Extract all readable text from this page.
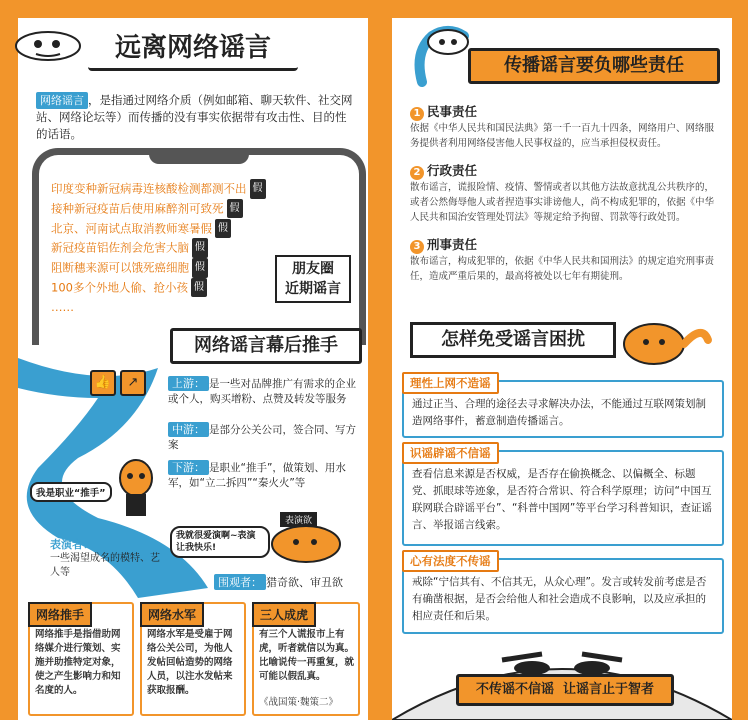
远离网络谣言
网络谣言 ，是指通过网络介质（例如邮箱、聊天软件、社交网站、网络论坛等）而传播的没有事实依据带有攻击性、目的性的话语。
印度变种新冠病毒连核酸检测都测不出 假
接种新冠疫苗后使用麻醉剂可致死 假
北京、河南试点取消教师寒暑假 假
新冠疫苗铝佐剂会危害大脑 假
阻断穗来源可以饿死癌细胞 假
100多个外地人偷、抢小孩 假
……
朋友圈
近期谣言
网络谣言幕后推手
👍	↗	上游： 是一些对品牌推广有需求的企业或个人，购买增粉、点赞及转发等服务
中游： 是部分公关公司，签合同、写方案
下游： 是职业“推手”，做策划、用水军，如“立二拆四”“秦火火”等
我是职业“推手”
表演者：
一些渴望成名的模特、艺人等
我就很爱演啊~表演让我快乐!
表演欲
围观者： 猎奇欲、审丑欲
网络推手
网络推手是指借助网络媒介进行策划、实施并助推特定对象，使之产生影响力和知名度的人。
网络水军
网络水军是受雇于网络公关公司，为他人发帖回帖造势的网络人员，以注水发帖来获取报酬。
三人成虎
有三个人谎报市上有虎，听者就信以为真。比喻说传一再重复，就可能以假乱真。
《战国策·魏策二》
传播谣言要负哪些责任
1 民事责任
依据《中华人民共和国民法典》第一千一百九十四条，网络用户、网络服务提供者利用网络侵害他人民事权益的，应当承担侵权责任。
2 行政责任
散布谣言，谎报险情、疫情、警情或者以其他方法故意扰乱公共秩序的，或者公然侮辱他人或者捏造事实诽谤他人，尚不构成犯罪的，依据《中华人民共和国治安管理处罚法》等规定给予拘留、罚款等行政处罚。
3 刑事责任
散布谣言，构成犯罪的，依据《中华人民共和国刑法》的规定追究刑事责任，造成严重后果的，最高将被处以七年有期徒刑。
怎样免受谣言困扰
理性上网不造谣
通过正当、合理的途径去寻求解决办法，不能通过互联网策划制造网络事件，蓄意制造传播谣言。
识谣辟谣不信谣
查看信息来源是否权威，是否存在偷换概念、以偏概全、标题党、抓眼球等迹象，是否符合常识、符合科学原理；访问“中国互联网联合辟谣平台”、“科普中国网”等平台学习科普知识，查证谣言、举报谣言线索。
心有法度不传谣
戒除“宁信其有、不信其无，从众心理”。发言或转发前考虑是否有确凿根据，是否会给他人和社会造成不良影响，以及应承担的相应责任和后果。
不传谣不信谣  让谣言止于智者
